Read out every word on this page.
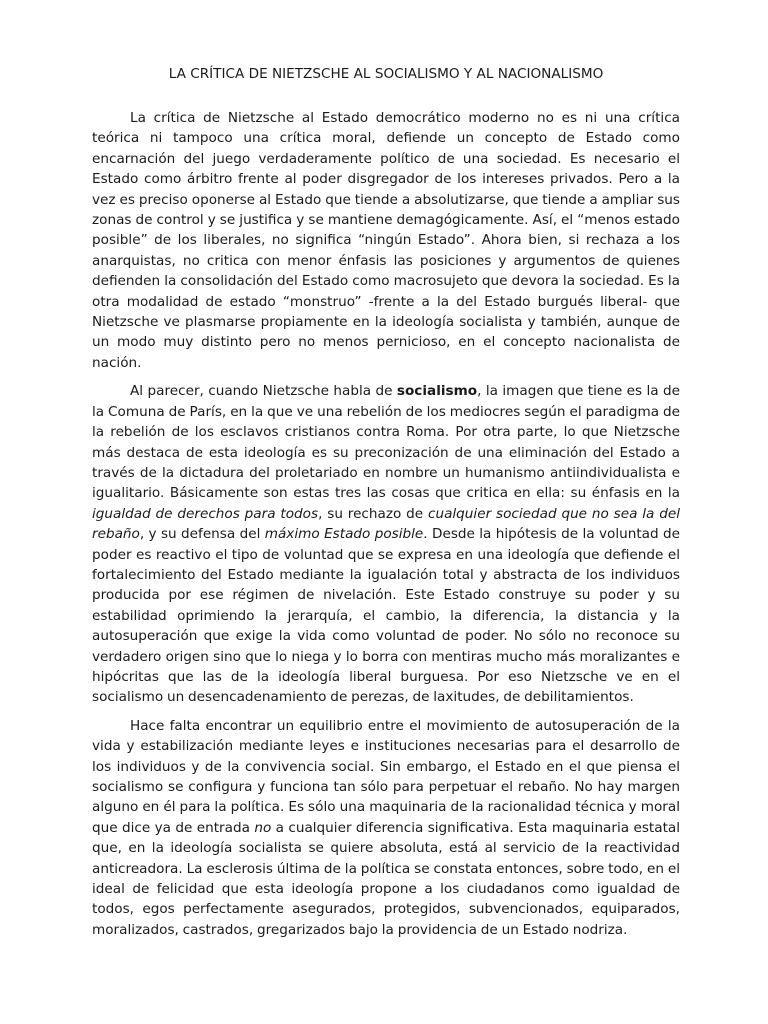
LA CRÍTICA DE NIETZSCHE AL SOCIALISMO Y AL NACIONALISMO

La crítica de Nietzsche al Estado democrático moderno no es ni una crítica teórica ni tampoco una crítica moral, defiende un concepto de Estado como encarnación del juego verdaderamente político de una sociedad. Es necesario el Estado como árbitro frente al poder disgregador de los intereses privados. Pero a la vez es preciso oponerse al Estado que tiende a absolutizarse, que tiende a ampliar sus zonas de control y se justifica y se mantiene demagógicamente. Así, el “menos estado posible” de los liberales, no significa “ningún Estado”. Ahora bien, si rechaza a los anarquistas, no critica con menor énfasis las posiciones y argumentos de quienes defienden la consolidación del Estado como macrosujeto que devora la sociedad. Es la otra modalidad de estado “monstruo” -frente a la del Estado burgués liberal- que Nietzsche ve plasmarse propiamente en la ideología socialista y también, aunque de un modo muy distinto pero no menos pernicioso, en el concepto nacionalista de nación.

Al parecer, cuando Nietzsche habla de socialismo, la imagen que tiene es la de la Comuna de París, en la que ve una rebelión de los mediocres según el paradigma de la rebelión de los esclavos cristianos contra Roma. Por otra parte, lo que Nietzsche más destaca de esta ideología es su preconización de una eliminación del Estado a través de la dictadura del proletariado en nombre un humanismo antiindividualista e igualitario. Básicamente son estas tres las cosas que critica en ella: su énfasis en la igualdad de derechos para todos, su rechazo de cualquier sociedad que no sea la del rebaño, y su defensa del máximo Estado posible. Desde la hipótesis de la voluntad de poder es reactivo el tipo de voluntad que se expresa en una ideología que defiende el fortalecimiento del Estado mediante la igualación total y abstracta de los individuos producida por ese régimen de nivelación. Este Estado construye su poder y su estabilidad oprimiendo la jerarquía, el cambio, la diferencia, la distancia y la autosuperación que exige la vida como voluntad de poder. No sólo no reconoce su verdadero origen sino que lo niega y lo borra con mentiras mucho más moralizantes e hipócritas que las de la ideología liberal burguesa. Por eso Nietzsche ve en el socialismo un desencadenamiento de perezas, de laxitudes, de debilitamientos.

Hace falta encontrar un equilibrio entre el movimiento de autosuperación de la vida y estabilización mediante leyes e instituciones necesarias para el desarrollo de los individuos y de la convivencia social. Sin embargo, el Estado en el que piensa el socialismo se configura y funciona tan sólo para perpetuar el rebaño. No hay margen alguno en él para la política. Es sólo una maquinaria de la racionalidad técnica y moral que dice ya de entrada no a cualquier diferencia significativa. Esta maquinaria estatal que, en la ideología socialista se quiere absoluta, está al servicio de la reactividad anticreadora. La esclerosis última de la política se constata entonces, sobre todo, en el ideal de felicidad que esta ideología propone a los ciudadanos como igualdad de todos, egos perfectamente asegurados, protegidos, subvencionados, equiparados, moralizados, castrados, gregarizados bajo la providencia de un Estado nodriza.
